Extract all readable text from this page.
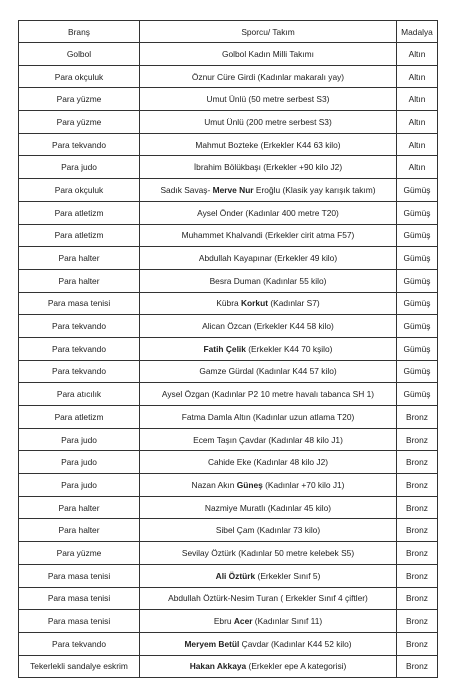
Branş	Sporcu/ Takım	Madalya
Golbol	Golbol Kadın Milli Takımı	Altın
Para okçuluk	Öznur Cüre Girdi (Kadınlar makaralı yay)	Altın
Para yüzme	Umut Ünlü (50 metre serbest S3)	Altın
Para yüzme	Umut Ünlü (200 metre serbest S3)	Altın
Para tekvando	Mahmut Bozteke (Erkekler K44 63 kilo)	Altın
Para judo	İbrahim Bölükbaşı (Erkekler +90 kilo J2)	Altın
Para okçuluk	Sadık Savaş- Merve Nur Eroğlu (Klasik yay karışık takım)	Gümüş
Para atletizm	Aysel Önder (Kadınlar 400 metre T20)	Gümüş
Para atletizm	Muhammet Khalvandi (Erkekler cirit atma F57)	Gümüş
Para halter	Abdullah Kayapınar (Erkekler 49 kilo)	Gümüş
Para halter	Besra Duman (Kadınlar 55 kilo)	Gümüş
Para masa tenisi	Kübra Korkut (Kadınlar S7)	Gümüş
Para tekvando	Alican Özcan (Erkekler K44 58 kilo)	Gümüş
Para tekvando	Fatih Çelik (Erkekler K44 70 kşilo)	Gümüş
Para tekvando	Gamze Gürdal (Kadınlar K44 57 kilo)	Gümüş
Para atıcılık	Aysel Özgan (Kadınlar P2 10 metre havalı tabanca SH 1)	Gümüş
Para atletizm	Fatma Damla Altın (Kadınlar uzun atlama T20)	Bronz
Para judo	Ecem Taşın Çavdar (Kadınlar 48 kilo J1)	Bronz
Para judo	Cahide Eke (Kadınlar 48 kilo J2)	Bronz
Para judo	Nazan Akın Güneş (Kadınlar +70 kilo J1)	Bronz
Para halter	Nazmiye Muratlı (Kadınlar 45 kilo)	Bronz
Para halter	Sibel Çam (Kadınlar 73 kilo)	Bronz
Para yüzme	Sevilay Öztürk (Kadınlar 50 metre kelebek S5)	Bronz
Para masa tenisi	Ali Öztürk (Erkekler Sınıf 5)	Bronz
Para masa tenisi	Abdullah Öztürk-Nesim Turan ( Erkekler Sınıf 4 çiftler)	Bronz
Para masa tenisi	Ebru Acer (Kadınlar Sınıf 11)	Bronz
Para tekvando	Meryem Betül Çavdar (Kadınlar K44 52 kilo)	Bronz
Tekerlekli sandalye eskrim	Hakan Akkaya (Erkekler epe A kategorisi)	Bronz
